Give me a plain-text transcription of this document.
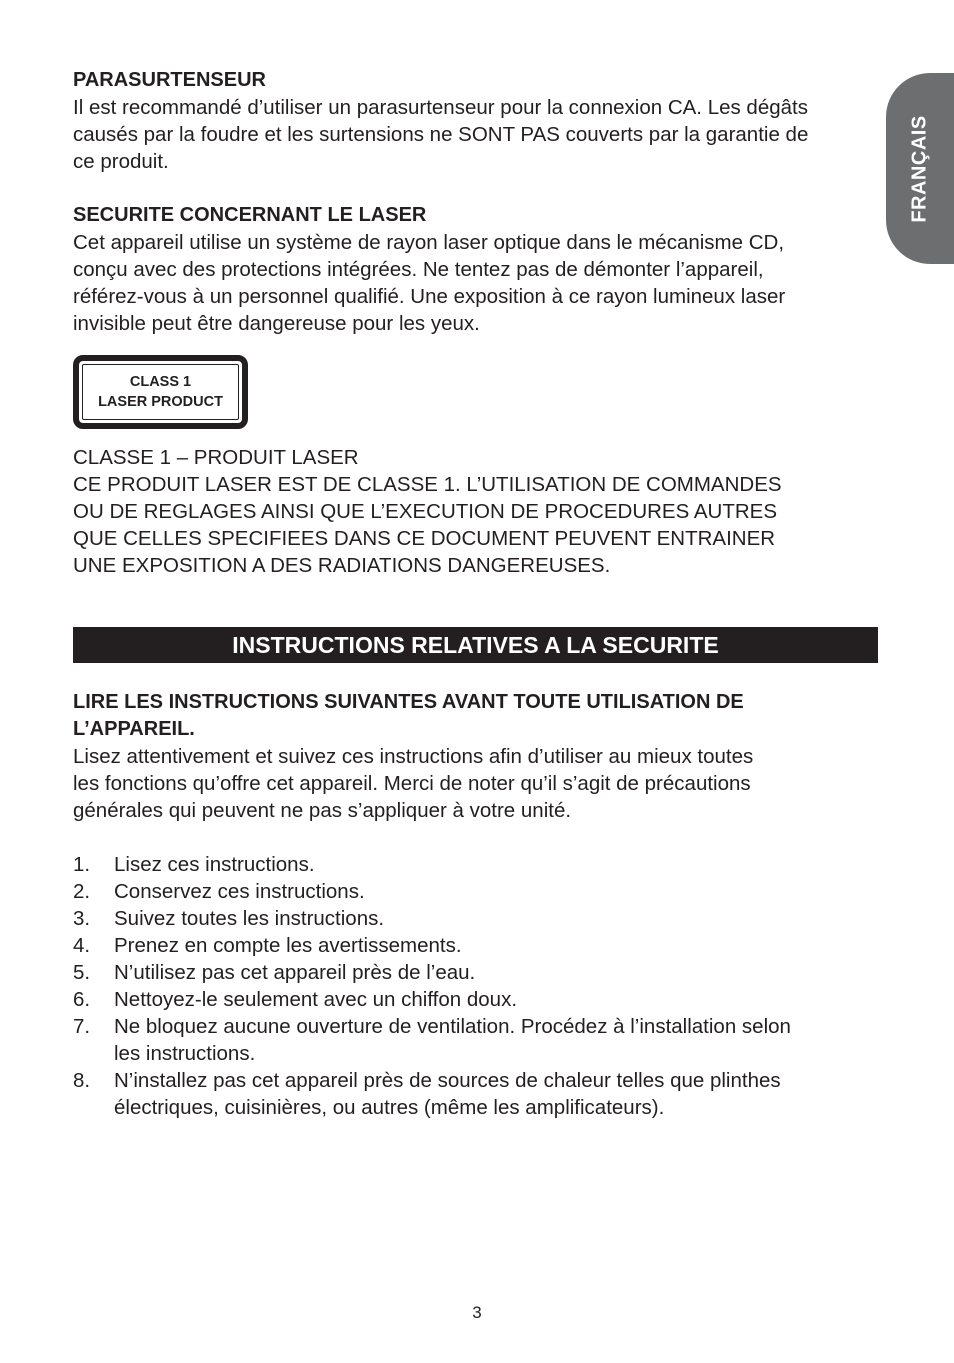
FRANÇAIS

PARASURTENSEUR

Il est recommandé d’utiliser un parasurtenseur pour la connexion CA. Les dégâts
causés par la foudre et les surtensions ne SONT PAS couverts par la garantie de
ce produit.

SECURITE CONCERNANT LE LASER

Cet appareil utilise un système de rayon laser optique dans le mécanisme CD,
conçu avec des protections intégrées. Ne tentez pas de démonter l’appareil,
référez-vous à un personnel qualifié. Une exposition à ce rayon lumineux laser
invisible peut être dangereuse pour les yeux.

CLASS 1
LASER PRODUCT

CLASSE 1 – PRODUIT LASER

CE PRODUIT LASER EST DE CLASSE 1. L’UTILISATION DE COMMANDES
OU DE REGLAGES AINSI QUE L’EXECUTION DE PROCEDURES AUTRES
QUE CELLES SPECIFIEES DANS CE DOCUMENT PEUVENT ENTRAINER
UNE EXPOSITION A DES RADIATIONS DANGEREUSES.

INSTRUCTIONS RELATIVES A LA SECURITE

LIRE LES INSTRUCTIONS SUIVANTES AVANT TOUTE UTILISATION DE
L’APPAREIL.

Lisez attentivement et suivez ces instructions afin d’utiliser au mieux toutes
les fonctions qu’offre cet appareil. Merci de noter qu’il s’agit de précautions
générales qui peuvent ne pas s’appliquer à votre unité.

1.	Lisez ces instructions.
2.	Conservez ces instructions.
3.	Suivez toutes les instructions.
4.	Prenez en compte les avertissements.
5.	N’utilisez pas cet appareil près de l’eau.
6.	Nettoyez-le seulement avec un chiffon doux.
7.	Ne bloquez aucune ouverture de ventilation. Procédez à l’installation selon
les instructions.
8.	N’installez pas cet appareil près de sources de chaleur telles que plinthes
électriques, cuisinières, ou autres (même les amplificateurs).
3
